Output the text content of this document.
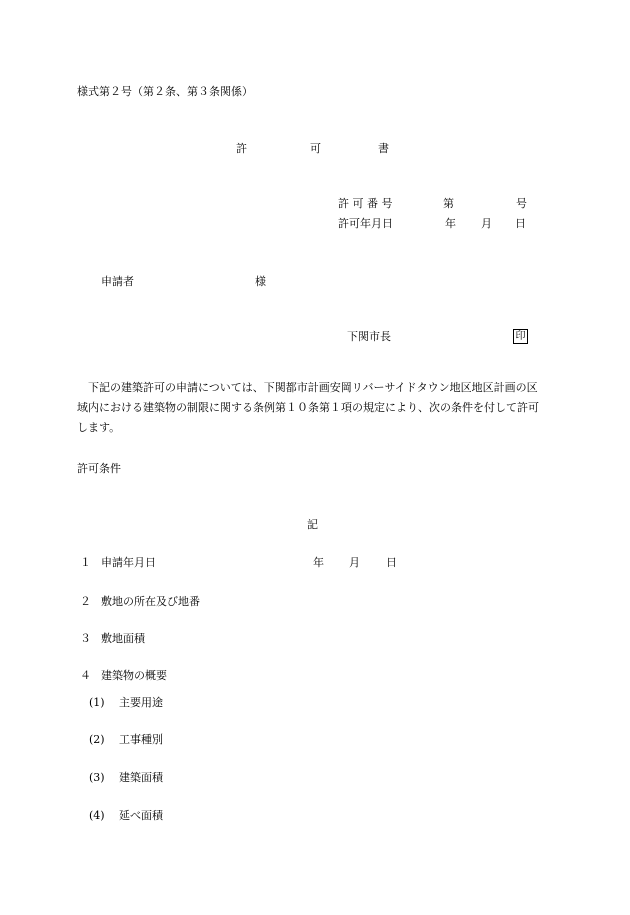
様式第２号（第２条、第３条関係）
許	可	書
許 可 番 号	第	号
許可年月日	年 月 日
申請者	様
下関市長	印
下記の建築許可の申請については、下関都市計画安岡リバーサイドタウン地区地区計画の区域内における建築物の制限に関する条例第１０条第１項の規定により、次の条件を付して許可します。
許可条件
記
１ 申請年月日	年 月 日
２ 敷地の所在及び地番
３ 敷地面積
４ 建築物の概要
(1) 主要用途
(2) 工事種別
(3) 建築面積
(4) 延べ面積
